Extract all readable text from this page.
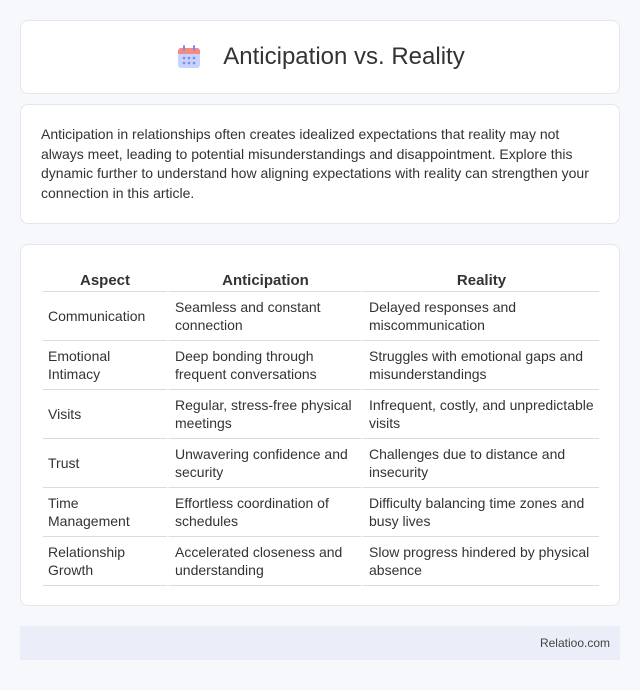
Anticipation vs. Reality

Anticipation in relationships often creates idealized expectations that reality may not always meet, leading to potential misunderstandings and disappointment. Explore this dynamic further to understand how aligning expectations with reality can strengthen your connection in this article.

Aspect	Anticipation	Reality
Communication	Seamless and constant connection	Delayed responses and miscommunication
Emotional Intimacy	Deep bonding through frequent conversations	Struggles with emotional gaps and misunderstandings
Visits	Regular, stress-free physical meetings	Infrequent, costly, and unpredictable visits
Trust	Unwavering confidence and security	Challenges due to distance and insecurity
Time Management	Effortless coordination of schedules	Difficulty balancing time zones and busy lives
Relationship Growth	Accelerated closeness and understanding	Slow progress hindered by physical absence
Relatioo.com
